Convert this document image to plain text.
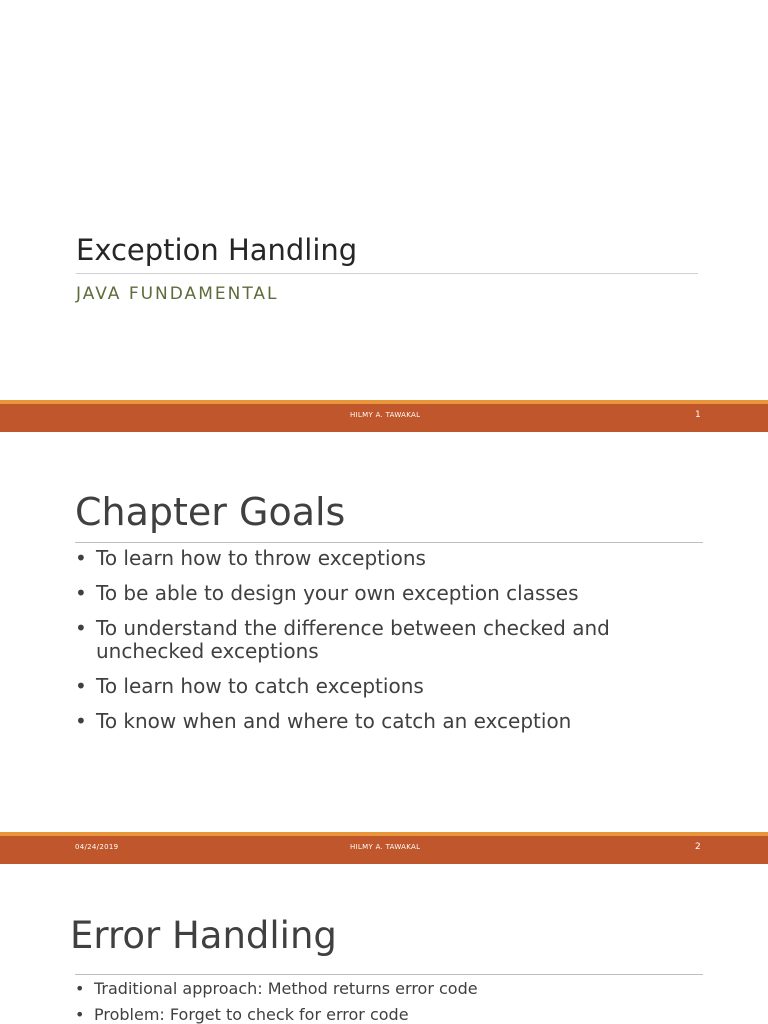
Exception Handling
JAVA FUNDAMENTAL
HILMY A. TAWAKAL	1
Chapter Goals
• To learn how to throw exceptions
• To be able to design your own exception classes
• To understand the difference between checked and unchecked exceptions
• To learn how to catch exceptions
• To know when and where to catch an exception
04/24/2019	HILMY A. TAWAKAL	2
Error Handling
• Traditional approach: Method returns error code
• Problem: Forget to check for error code
